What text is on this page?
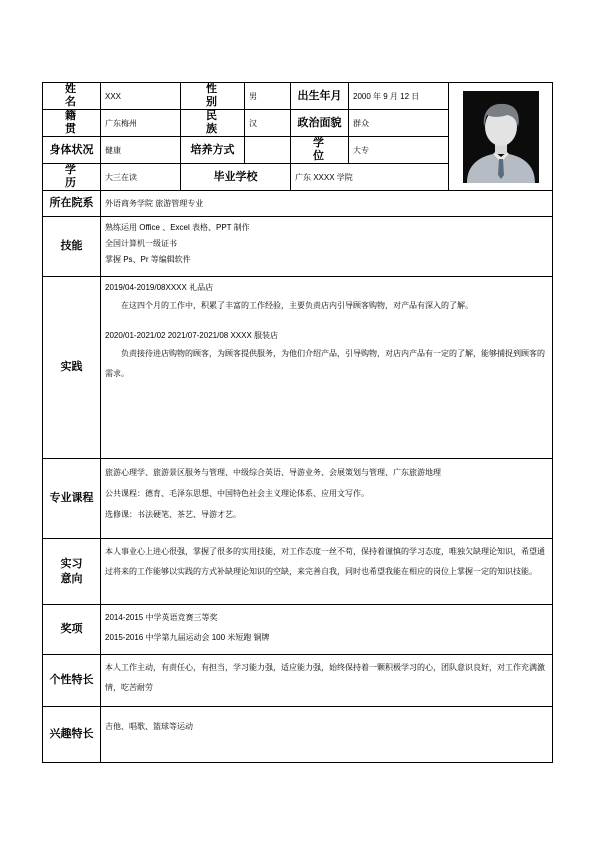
姓 名	XXX	性 别	男	出生年月	2000 年 9 月 12 日	

籍 贯	广东梅州	民 族	汉	政治面貌	群众	
身体状况	健康	培养方式		学 位	大专	
学 历	大三在读	毕业学校		广东 XXXX 学院		
所在院系	外语商务学院 旅游管理专业					
技能	熟练运用 Office 、Excel 表格、PPT 制作
全国计算机一级证书
掌握 Ps、Pr 等编辑软件					

实践	2019/04-2019/08XXXX 礼品店
在这四个月的工作中，积累了丰富的工作经验，主要负责店内引导顾客购物，对产品有深入的了解。
2020/01-2021/02 2021/07-2021/08 XXXX 服装店
负责接待进店购物的顾客，为顾客提供服务，为他们介绍产品，引导购物，对店内产品有一定的了解，能够捕捉到顾客的需求。					

专业课程	旅游心理学、旅游景区服务与管理、中级综合英语、导游业务、会展策划与管理、广东旅游地理
公共课程：德育、毛泽东思想、中国特色社会主义理论体系、应用文写作。
选修课：书法硬笔、茶艺、导游才艺。					

实习意向	本人事业心上进心很强，掌握了很多的实用技能，对工作态度一丝不苟，保持着谨慎的学习态度，唯独欠缺理论知识，希望通过将来的工作能够以实践的方式补缺理论知识的空缺，来完善自我，同时也希望我能在相应的岗位上掌握一定的知识技能。					

奖项	2014-2015 中学英语竞赛三等奖
2015-2016 中学第九届运动会 100 米短跑 铜牌					

个性特长	本人工作主动，有责任心，有担当，学习能力强，适应能力强，始终保持着一颗积极学习的心，团队意识良好，对工作充满激情，吃苦耐劳					

兴趣特长	吉他、唱歌、篮球等运动					
